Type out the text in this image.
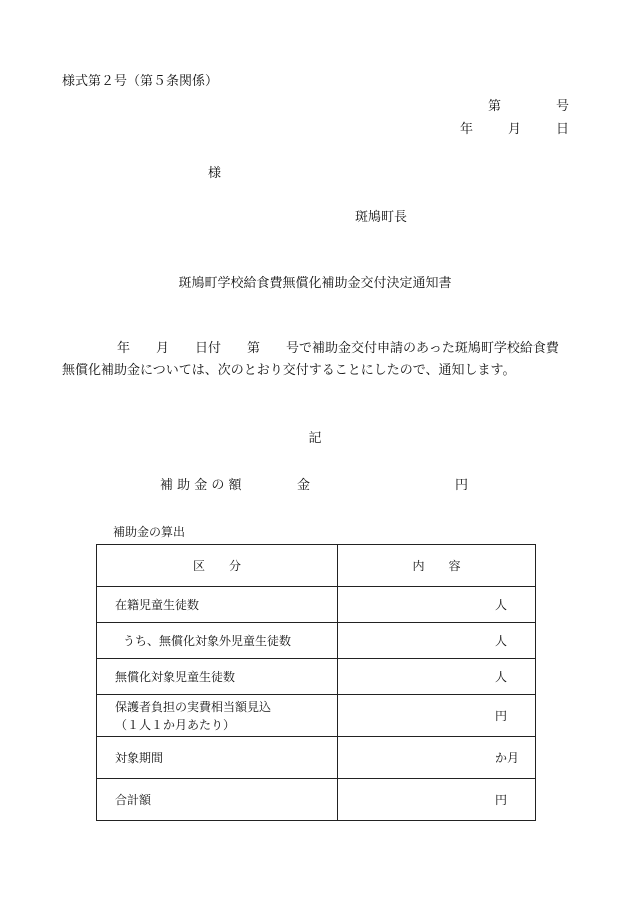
様式第２号（第５条関係）
第	号
年	月	日
様
斑鳩町長
斑鳩町学校給食費無償化補助金交付決定通知書
年　　月　　日付　　第　　号で補助金交付申請のあった斑鳩町学校給食費
無償化補助金については、次のとおり交付することにしたので、通知します。
記
補 助 金 の 額	金	円
補助金の算出
区　　分	内　　容
在籍児童生徒数	人
うち、無償化対象外児童生徒数	人
無償化対象児童生徒数	人

保護者負担の実費相当額見込
（１人１か月あたり）	円
対象期間	か月
合計額	円
